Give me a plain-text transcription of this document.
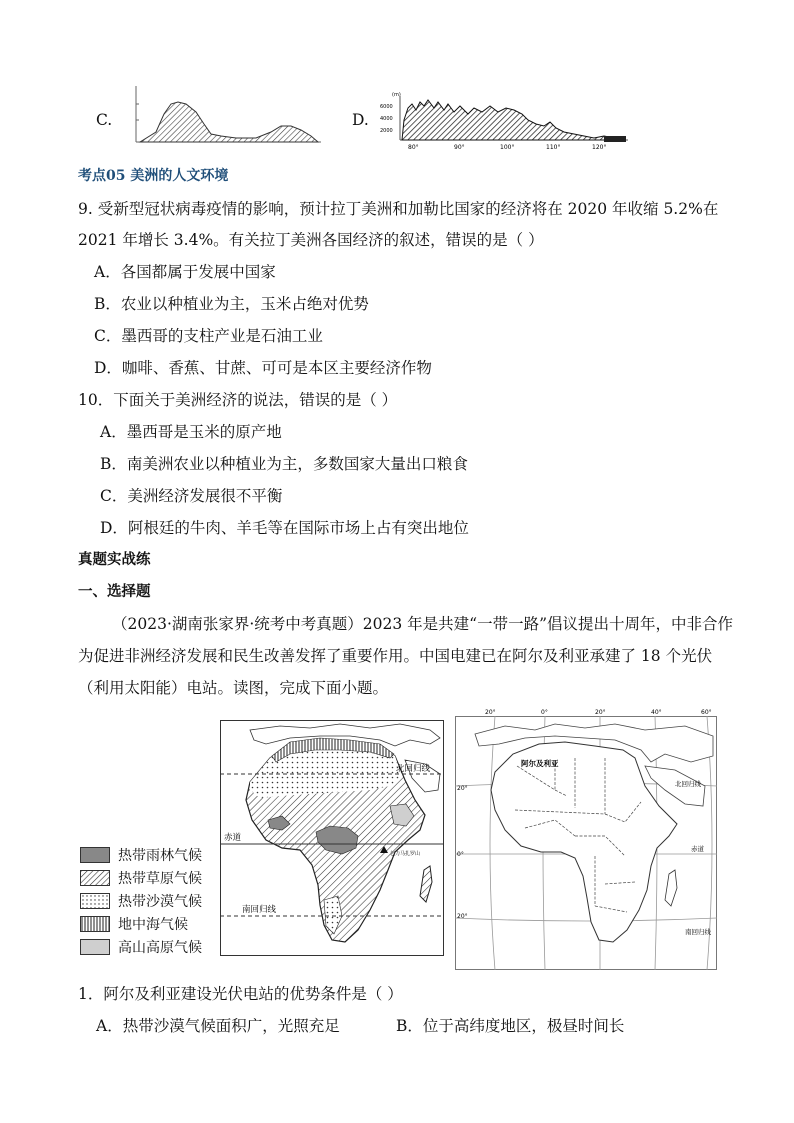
C.	D.
(m)
6000
4000
2000
80°	90°	100°	110°	120°
考点05 美洲的人文环境
9. 受新型冠状病毒疫情的影响，预计拉丁美洲和加勒比国家的经济将在 2020 年收缩 5.2%在
2021 年增长 3.4%。有关拉丁美洲各国经济的叙述，错误的是（ ）
A．各国都属于发展中国家
B．农业以种植业为主，玉米占绝对优势
C．墨西哥的支柱产业是石油工业
D．咖啡、香蕉、甘蔗、可可是本区主要经济作物
10．下面关于美洲经济的说法，错误的是（ ）
A．墨西哥是玉米的原产地
B．南美洲农业以种植业为主，多数国家大量出口粮食
C．美洲经济发展很不平衡
D．阿根廷的牛肉、羊毛等在国际市场上占有突出地位
真题实战练
一、选择题
（2023·湖南张家界·统考中考真题）2023 年是共建“一带一路”倡议提出十周年，中非合作
为促进非洲经济发展和民生改善发挥了重要作用。中国电建已在阿尔及利亚承建了 18 个光伏
（利用太阳能）电站。读图，完成下面小题。
热带雨林气候
热带草原气候
热带沙漠气候
地中海气候
高山高原气候
北回归线
赤道
南回归线
乞力马扎罗山
20°	0°	20°	40°	60°
20°
0°
20°
阿尔及利亚
北回归线
赤道
南回归线
1．阿尔及利亚建设光伏电站的优势条件是（ ）
A．热带沙漠气候面积广，光照充足	B．位于高纬度地区，极昼时间长
